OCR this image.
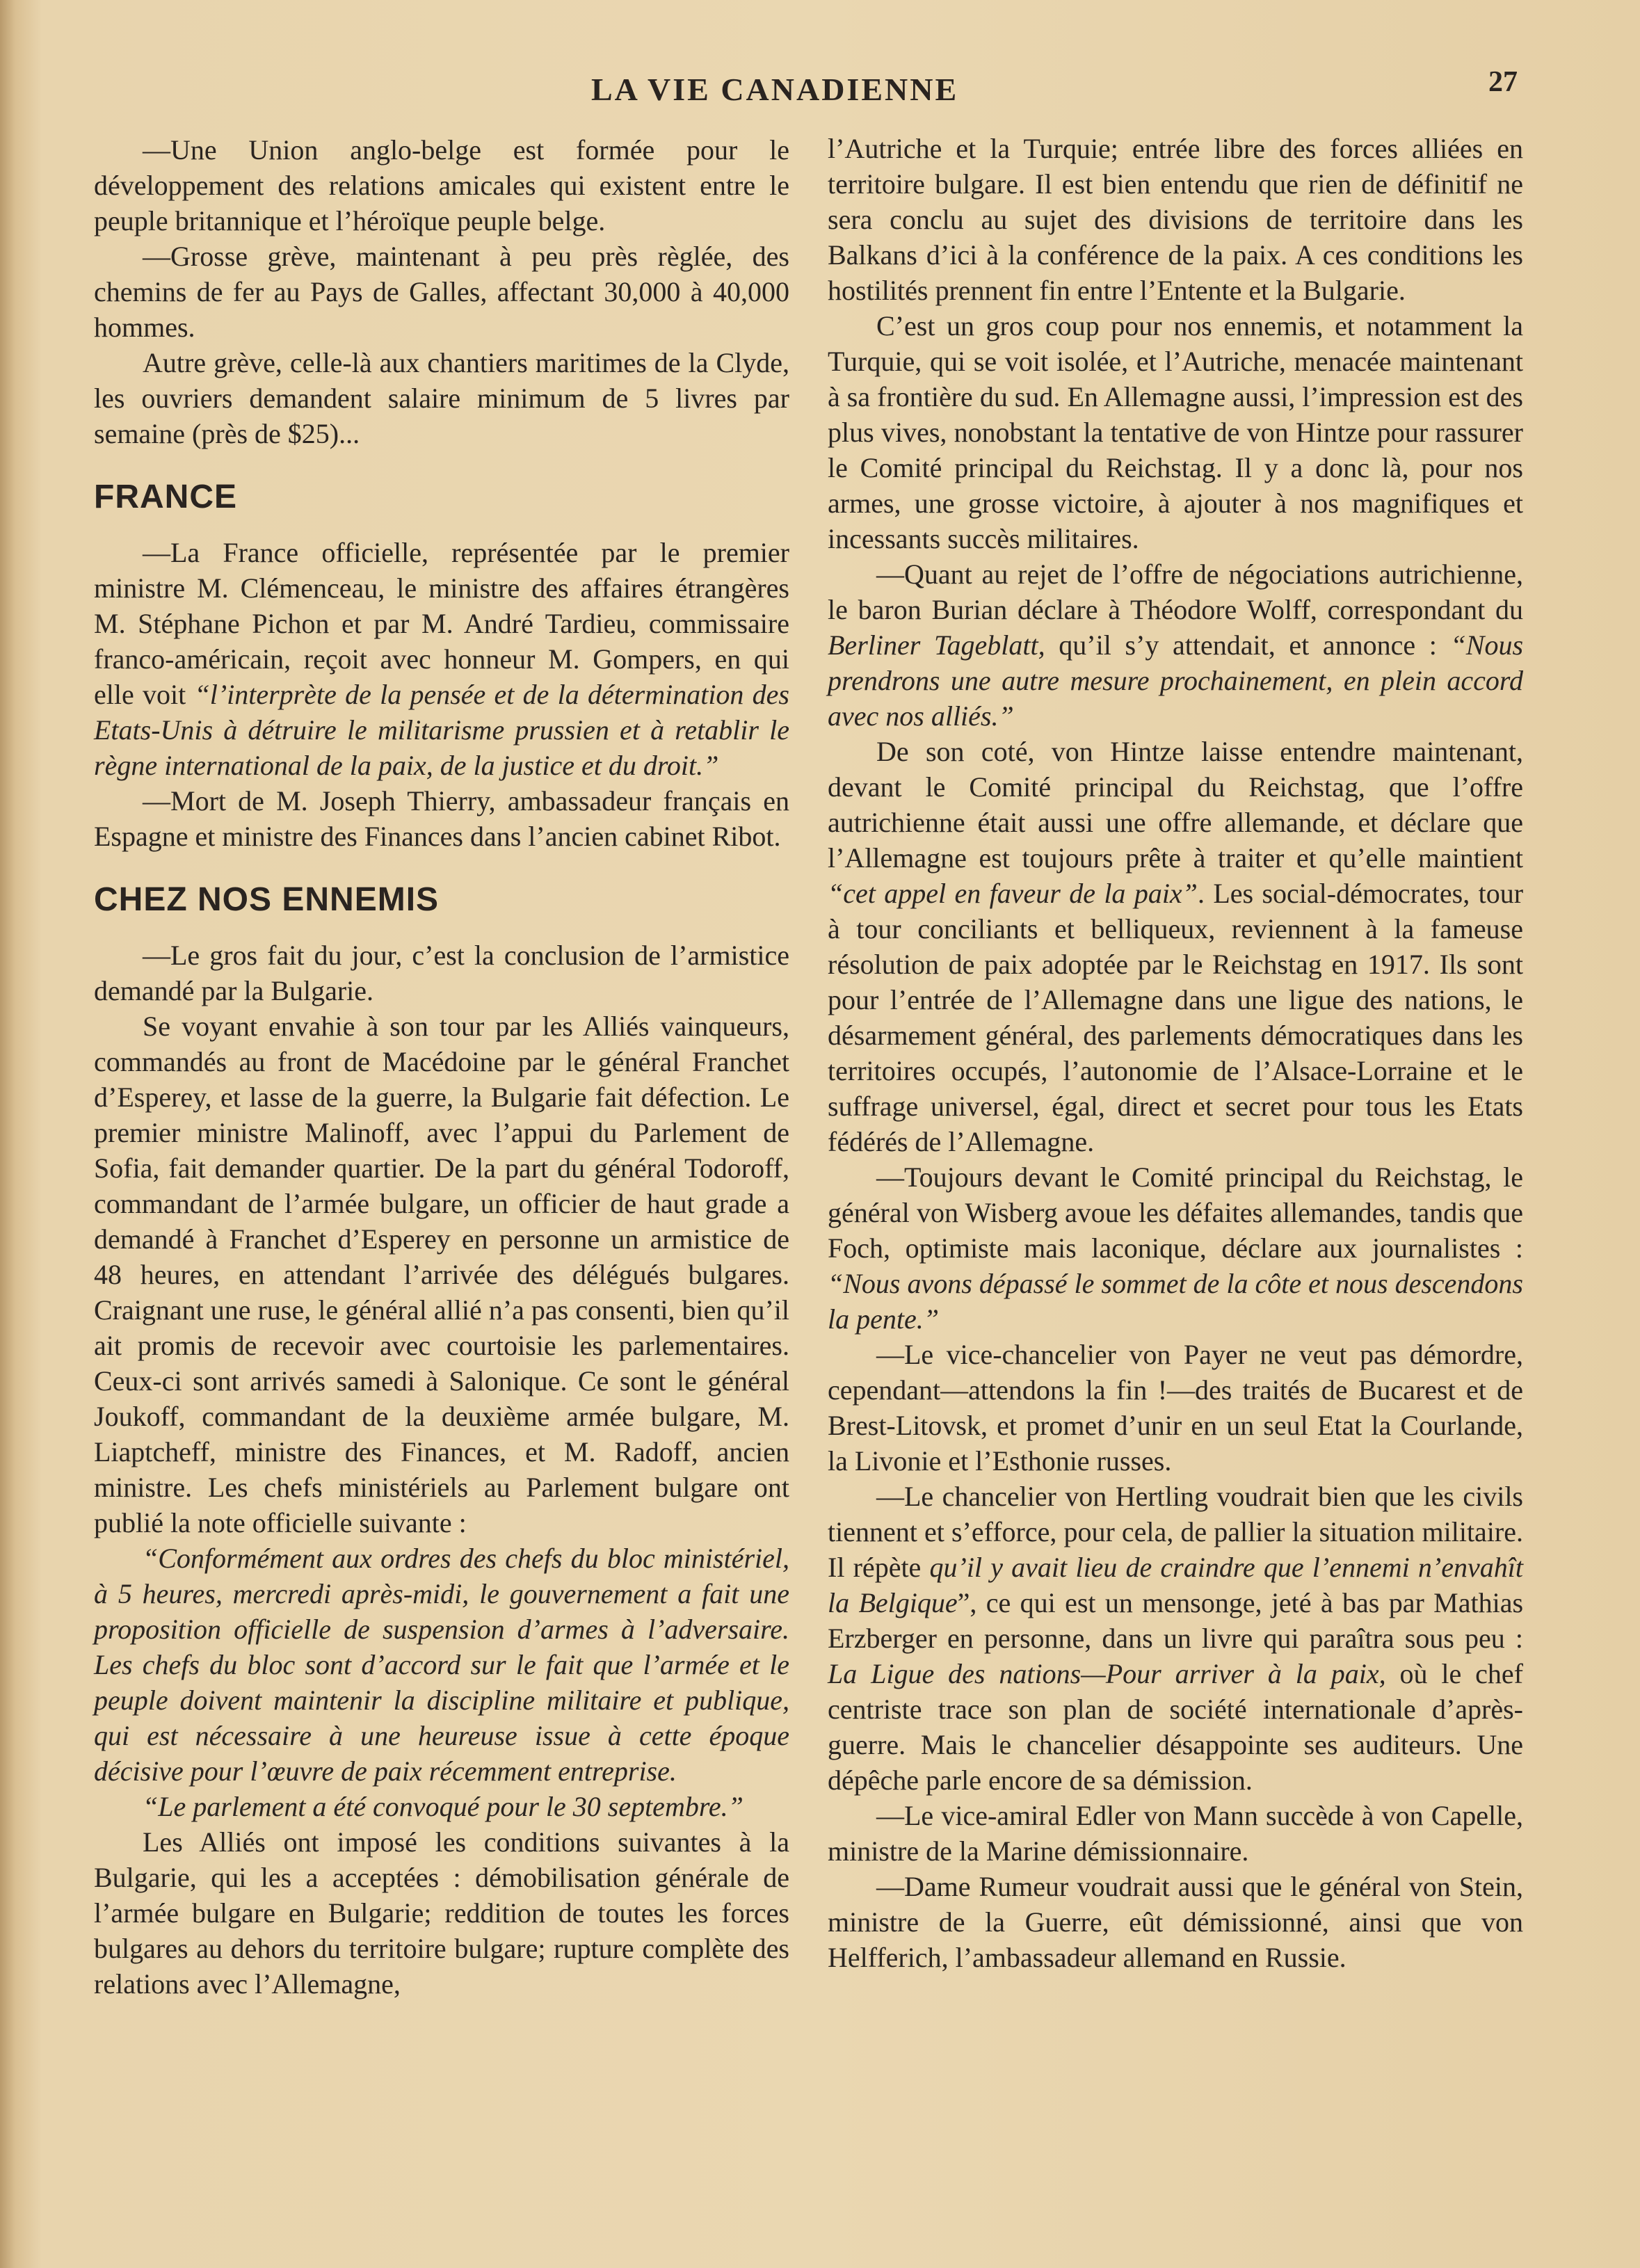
LA VIE CANADIENNE	27

—Une Union anglo-belge est formée pour le développement des relations amicales qui existent entre le peuple britannique et l’héroïque peuple belge.

—Grosse grève, maintenant à peu près règlée, des chemins de fer au Pays de Galles, affectant 30,000 à 40,000 hommes.

Autre grève, celle-là aux chantiers maritimes de la Clyde, les ouvriers demandent salaire minimum de 5 livres par semaine (près de $25)...

FRANCE

—La France officielle, représentée par le premier ministre M. Clémenceau, le ministre des affaires étrangères M. Stéphane Pichon et par M. André Tardieu, commissaire franco-américain, reçoit avec honneur M. Gompers, en qui elle voit “l’interprète de la pensée et de la détermination des Etats-Unis à détruire le militarisme prussien et à retablir le règne international de la paix, de la justice et du droit.”

—Mort de M. Joseph Thierry, ambassadeur français en Espagne et ministre des Finances dans l’ancien cabinet Ribot.

CHEZ NOS ENNEMIS

—Le gros fait du jour, c’est la conclusion de l’armistice demandé par la Bulgarie.

Se voyant envahie à son tour par les Alliés vainqueurs, commandés au front de Macédoine par le général Franchet d’Esperey, et lasse de la guerre, la Bulgarie fait défection. Le premier ministre Malinoff, avec l’appui du Parlement de Sofia, fait demander quartier. De la part du général Todoroff, commandant de l’armée bulgare, un officier de haut grade a demandé à Franchet d’Esperey en personne un armistice de 48 heures, en attendant l’arrivée des délégués bulgares. Craignant une ruse, le général allié n’a pas consenti, bien qu’il ait promis de recevoir avec courtoisie les parlementaires. Ceux-ci sont arrivés samedi à Salonique. Ce sont le général Joukoff, commandant de la deuxième armée bulgare, M. Liaptcheff, ministre des Finances, et M. Radoff, ancien ministre. Les chefs ministériels au Parlement bulgare ont publié la note officielle suivante :

“Conformément aux ordres des chefs du bloc ministériel, à 5 heures, mercredi après-midi, le gouvernement a fait une proposition officielle de suspension d’armes à l’adversaire. Les chefs du bloc sont d’accord sur le fait que l’armée et le peuple doivent maintenir la discipline militaire et publique, qui est nécessaire à une heureuse issue à cette époque décisive pour l’œuvre de paix récemment entreprise.

“Le parlement a été convoqué pour le 30 septembre.”

Les Alliés ont imposé les conditions suivantes à la Bulgarie, qui les a acceptées : démobilisation générale de l’armée bulgare en Bulgarie; reddition de toutes les forces bulgares au dehors du territoire bulgare; rupture complète des relations avec l’Allemagne,

l’Autriche et la Turquie; entrée libre des forces alliées en territoire bulgare. Il est bien entendu que rien de définitif ne sera conclu au sujet des divisions de territoire dans les Balkans d’ici à la conférence de la paix. A ces conditions les hostilités prennent fin entre l’Entente et la Bulgarie.

C’est un gros coup pour nos ennemis, et notamment la Turquie, qui se voit isolée, et l’Autriche, menacée maintenant à sa frontière du sud. En Allemagne aussi, l’impression est des plus vives, nonobstant la tentative de von Hintze pour rassurer le Comité principal du Reichstag. Il y a donc là, pour nos armes, une grosse victoire, à ajouter à nos magnifiques et incessants succès militaires.

—Quant au rejet de l’offre de négociations autrichienne, le baron Burian déclare à Théodore Wolff, correspondant du Berliner Tageblatt, qu’il s’y attendait, et annonce : “Nous prendrons une autre mesure prochainement, en plein accord avec nos alliés.”

De son coté, von Hintze laisse entendre maintenant, devant le Comité principal du Reichstag, que l’offre autrichienne était aussi une offre allemande, et déclare que l’Allemagne est toujours prête à traiter et qu’elle maintient “cet appel en faveur de la paix”. Les social-démocrates, tour à tour conciliants et belliqueux, reviennent à la fameuse résolution de paix adoptée par le Reichstag en 1917. Ils sont pour l’entrée de l’Allemagne dans une ligue des nations, le désarmement général, des parlements démocratiques dans les territoires occupés, l’autonomie de l’Alsace-Lorraine et le suffrage universel, égal, direct et secret pour tous les Etats fédérés de l’Allemagne.

—Toujours devant le Comité principal du Reichstag, le général von Wisberg avoue les défaites allemandes, tandis que Foch, optimiste mais laconique, déclare aux journalistes : “Nous avons dépassé le sommet de la côte et nous descendons la pente.”

—Le vice-chancelier von Payer ne veut pas démordre, cependant—attendons la fin !—des traités de Bucarest et de Brest-Litovsk, et promet d’unir en un seul Etat la Courlande, la Livonie et l’Esthonie russes.

—Le chancelier von Hertling voudrait bien que les civils tiennent et s’efforce, pour cela, de pallier la situation militaire. Il répète qu’il y avait lieu de craindre que l’ennemi n’envahît la Belgique”, ce qui est un mensonge, jeté à bas par Mathias Erzberger en personne, dans un livre qui paraîtra sous peu : La Ligue des nations—Pour arriver à la paix, où le chef centriste trace son plan de société internationale d’après-guerre. Mais le chancelier désappointe ses auditeurs. Une dépêche parle encore de sa démission.

—Le vice-amiral Edler von Mann succède à von Capelle, ministre de la Marine démissionnaire.

—Dame Rumeur voudrait aussi que le général von Stein, ministre de la Guerre, eût démissionné, ainsi que von Helfferich, l’ambassadeur allemand en Russie.
